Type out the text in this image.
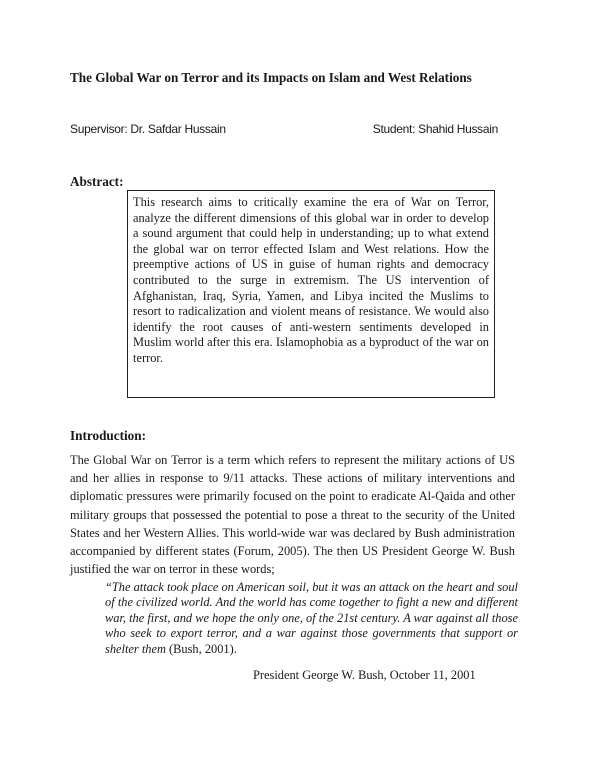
The Global War on Terror and its Impacts on Islam and West Relations
Supervisor: Dr. Safdar Hussain	Student: Shahid Hussain
Abstract:
This research aims to critically examine the era of War on Terror, analyze the different dimensions of this global war in order to develop a sound argument that could help in understanding; up to what extend the global war on terror effected Islam and West relations. How the preemptive actions of US in guise of human rights and democracy contributed to the surge in extremism. The US intervention of Afghanistan, Iraq, Syria, Yamen, and Libya incited the Muslims to resort to radicalization and violent means of resistance. We would also identify the root causes of anti-western sentiments developed in Muslim world after this era. Islamophobia as a byproduct of the war on terror.
Introduction:
The Global War on Terror is a term which refers to represent the military actions of US and her allies in response to 9/11 attacks. These actions of military interventions and diplomatic pressures were primarily focused on the point to eradicate Al-Qaida and other military groups that possessed the potential to pose a threat to the security of the United States and her Western Allies. This world-wide war was declared by Bush administration accompanied by different states (Forum, 2005). The then US President George W. Bush justified the war on terror in these words;
“The attack took place on American soil, but it was an attack on the heart and soul of the civilized world. And the world has come together to fight a new and different war, the first, and we hope the only one, of the 21st century. A war against all those who seek to export terror, and a war against those governments that support or shelter them (Bush, 2001).
President George W. Bush, October 11, 2001
